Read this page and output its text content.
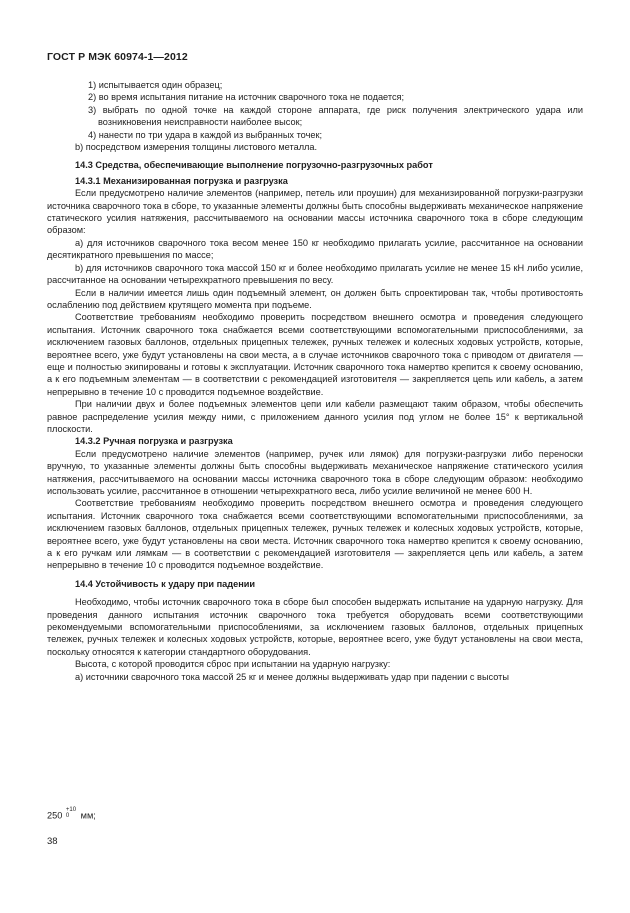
ГОСТ Р МЭК 60974-1—2012

1) испытывается один образец;

2) во время испытания питание на источник сварочного тока не подается;

3) выбрать по одной точке на каждой стороне аппарата, где риск получения электрического удара или возникновения неисправности наиболее высок;

4) нанести по три удара в каждой из выбранных точек;

b) посредством измерения толщины листового металла.

14.3 Средства, обеспечивающие выполнение погрузочно-разгрузочных работ

14.3.1 Механизированная погрузка и разгрузка

Если предусмотрено наличие элементов (например, петель или проушин) для механизированной погрузки-разгрузки источника сварочного тока в сборе, то указанные элементы должны быть способны выдерживать механическое напряжение статического усилия натяжения, рассчитываемого на основании массы источника сварочного тока в сборе следующим образом:

а) для источников сварочного тока весом менее 150 кг необходимо прилагать усилие, рассчитанное на основании десятикратного превышения по массе;

b) для источников сварочного тока массой 150 кг и более необходимо прилагать усилие не менее 15 кН либо усилие, рассчитанное на основании четырехкратного превышения по весу.

Если в наличии имеется лишь один подъемный элемент, он должен быть спроектирован так, чтобы противостоять ослаблению под действием крутящего момента при подъеме.

Соответствие требованиям необходимо проверить посредством внешнего осмотра и проведения следующего испытания. Источник сварочного тока снабжается всеми соответствующими вспомогательными приспособлениями, за исключением газовых баллонов, отдельных прицепных тележек, ручных тележек и колесных ходовых устройств, которые, вероятнее всего, уже будут установлены на свои места, а в случае источников сварочного тока с приводом от двигателя — еще и полностью экипированы и готовы к эксплуатации. Источник сварочного тока намертво крепится к своему основанию, а к его подъемным элементам — в соответствии с рекомендацией изготовителя — закрепляется цепь или кабель, а затем непрерывно в течение 10 с проводится подъемное воздействие.

При наличии двух и более подъемных элементов цепи или кабели размещают таким образом, чтобы обеспечить равное распределение усилия между ними, с приложением данного усилия под углом не более 15° к вертикальной плоскости.

14.3.2 Ручная погрузка и разгрузка

Если предусмотрено наличие элементов (например, ручек или лямок) для погрузки-разгрузки либо переноски вручную, то указанные элементы должны быть способны выдерживать механическое напряжение статического усилия натяжения, рассчитываемого на основании массы источника сварочного тока в сборе следующим образом: необходимо использовать усилие, рассчитанное в отношении четырехкратного веса, либо усилие величиной не менее 600 Н.

Соответствие требованиям необходимо проверить посредством внешнего осмотра и проведения следующего испытания. Источник сварочного тока снабжается всеми соответствующими вспомогательными приспособлениями, за исключением газовых баллонов, отдельных прицепных тележек, ручных тележек и колесных ходовых устройств, которые, вероятнее всего, уже будут установлены на свои места. Источник сварочного тока намертво крепится к своему основанию, а к его ручкам или лямкам — в соответствии с рекомендацией изготовителя — закрепляется цепь или кабель, а затем непрерывно в течение 10 с проводится подъемное воздействие.

14.4 Устойчивость к удару при падении

Необходимо, чтобы источник сварочного тока в сборе был способен выдержать испытание на ударную нагрузку. Для проведения данного испытания источник сварочного тока требуется оборудовать всеми соответствующими рекомендуемыми вспомогательными приспособлениями, за исключением газовых баллонов, отдельных прицепных тележек, ручных тележек и колесных ходовых устройств, которые, вероятнее всего, уже будут установлены на свои места, поскольку относятся к категории стандартного оборудования.

Высота, с которой проводится сброс при испытании на ударную нагрузку:

а) источники сварочного тока массой 25 кг и менее должны выдерживать удар при падении с высоты

250
+10
0	мм;
38
